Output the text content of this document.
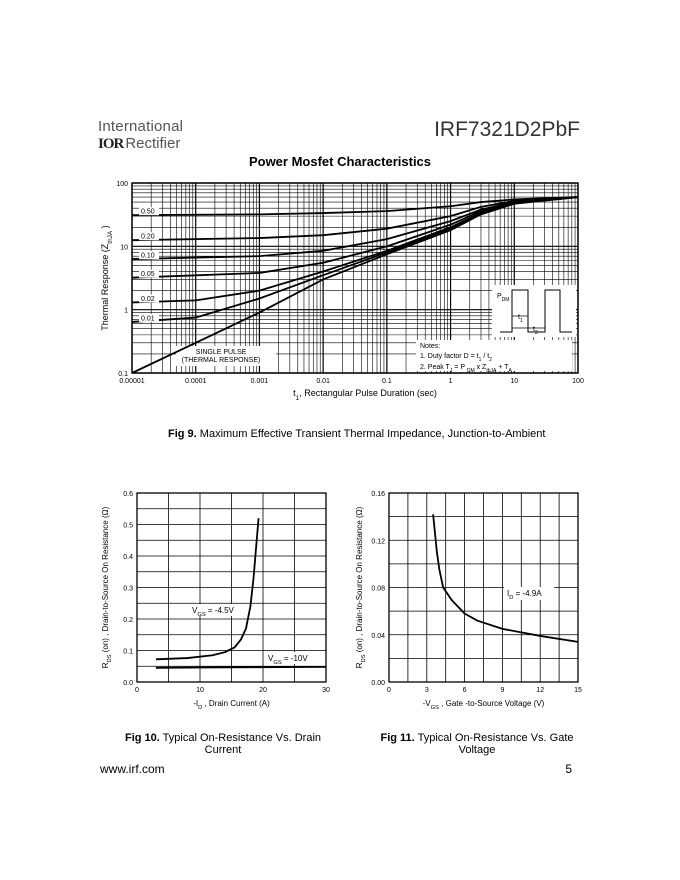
International
IOR Rectifier
IRF7321D2PbF
Power Mosfet Characteristics
0.50
0.20
0.10
0.05
0.02
0.01
0.00001	0.0001	0.001	0.01	0.1	1	10	100
0.1
1
10
100
$t_1$, Rectangular Pulse Duration (sec)
Thermal Response ($Z_{thJA}$ )
SINGLE PULSE
(THERMAL RESPONSE)
Notes:
1. Duty factor $D = t_1 / t_2$
2. Peak $T_J = P$ $_{DM}$ x $Z_{thJA} + T_A$
$P_{DM}$
$t_1$
$t_2$
0	10	20	30
0.0
0.1
0.2
0.3
0.4
0.5
0.6
$-I_D$ , Drain Current (A)
$R_{DS}$ (on) , Drain-to-Source On Resistance (Ω)	$V_{GS} = -4.5V$
$V_{GS} = -10V$
0	3	6	9	12	15
0.00
0.04
0.08
0.12
0.16
$-V_{GS}$ , Gate -to-Source Voltage (V)
$R_{DS}$ (on) , Drain-to-Source On Resistance (Ω)	$I_D = -4.9A$
Fig 9. Maximum Effective Transient Thermal Impedance, Junction-to-Ambient
Fig 10. Typical On-Resistance Vs. Drain
Current
Fig 11. Typical On-Resistance Vs. Gate
Voltage
www.irf.com	5
